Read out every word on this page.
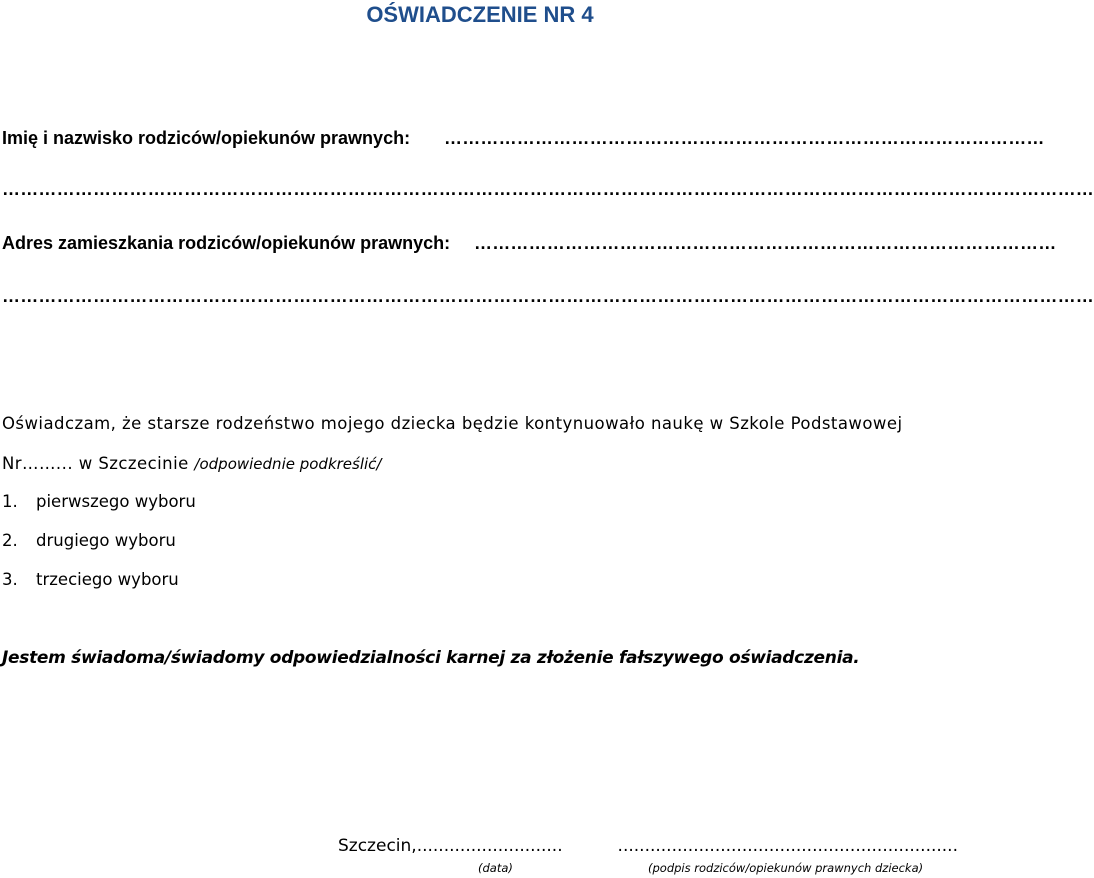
OŚWIADCZENIE NR 4
Imię i nazwisko rodziców/opiekunów prawnych: ………………………………………………………………………………………
………………………………………………………………………………………………………………………………………………………………
Adres zamieszkania rodziców/opiekunów prawnych: ……………………………………………………………………………………
………………………………………………………………………………………………………………………………………………………………
Oświadczam, że starsze rodzeństwo mojego dziecka będzie kontynuowało naukę w Szkole Podstawowej
Nr……... w Szczecinie /odpowiednie podkreślić/
1. pierwszego wyboru
2. drugiego wyboru
3. trzeciego wyboru
Jestem świadoma/świadomy odpowiedzialności karnej za złożenie fałszywego oświadczenia.
Szczecin,...........................
(data)
...............................................................
(podpis rodziców/opiekunów prawnych dziecka)
